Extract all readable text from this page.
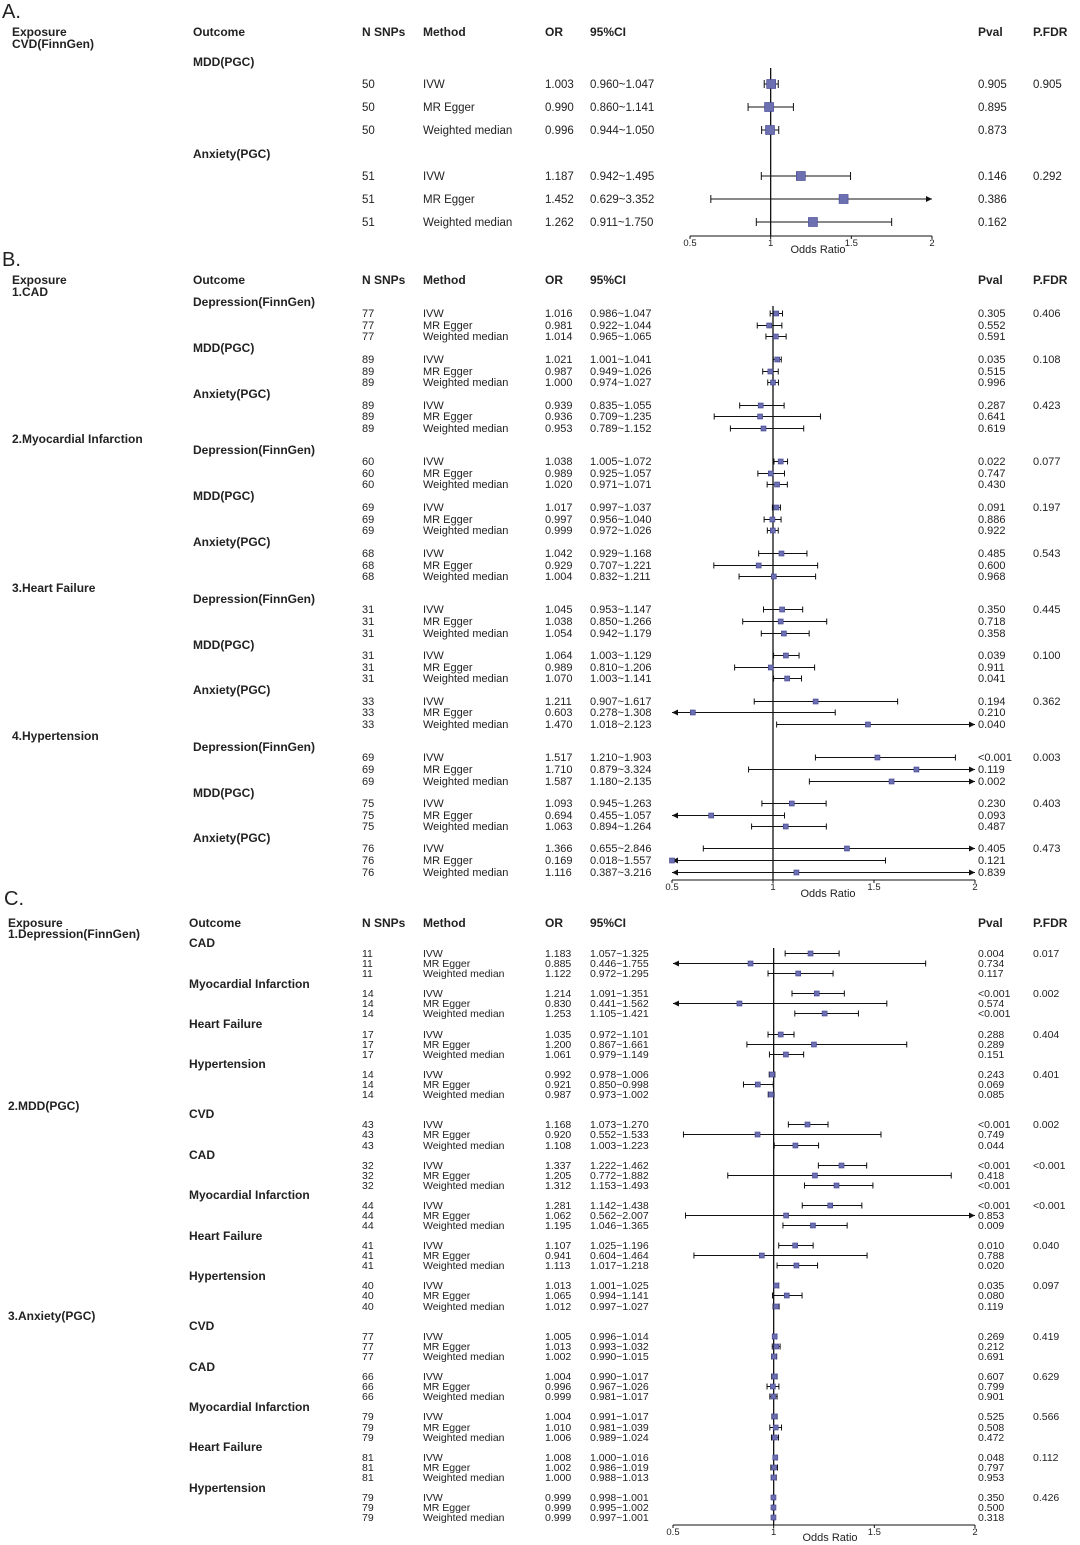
A.
Exposure	Outcome	N SNPs Method	OR 95%CI	Pval	P.FDR
CVD(FinnGen)
MDD(PGC)
50	IVW	1.003 0.960~1.047	0.905 0.905
50	MR Egger	0.990 0.860~1.141	0.895
50	Weighted median	0.996 0.944~1.050	0.873
Anxiety(PGC)
51	IVW	1.187 0.942~1.495	0.146 0.292
51	MR Egger	1.452 0.629~3.352	0.386
51	Weighted median	1.262 0.911~1.750	0.162
0.5	1	1.5	2
Odds Ratio
B.
Exposure	Outcome	N SNPs Method	OR 95%CI	Pval	P.FDR
1.CAD
Depression(FinnGen)
77	IVW	1.016 0.986~1.047	0.305 0.406
77	MR Egger	0.981 0.922~1.044	0.552
77	Weighted median	1.014 0.965~1.065	0.591
MDD(PGC)
89	IVW	1.021 1.001~1.041	0.035 0.108
89	MR Egger	0.987 0.949~1.026	0.515
89	Weighted median	1.000 0.974~1.027	0.996
Anxiety(PGC)
89	IVW	0.939 0.835~1.055	0.287 0.423
89	MR Egger	0.936 0.709~1.235	0.641
89	Weighted median	0.953 0.789~1.152	0.619
2.Myocardial Infarction
Depression(FinnGen)
60	IVW	1.038 1.005~1.072	0.022 0.077
60	MR Egger	0.989 0.925~1.057	0.747
60	Weighted median	1.020 0.971~1.071	0.430
MDD(PGC)
69	IVW	1.017 0.997~1.037	0.091 0.197
69	MR Egger	0.997 0.956~1.040	0.886
69	Weighted median	0.999 0.972~1.026	0.922
Anxiety(PGC)
68	IVW	1.042 0.929~1.168	0.485 0.543
68	MR Egger	0.929 0.707~1.221	0.600
68	Weighted median	1.004 0.832~1.211	0.968
3.Heart Failure
Depression(FinnGen)
31	IVW	1.045 0.953~1.147	0.350 0.445
31	MR Egger	1.038 0.850~1.266	0.718
31	Weighted median	1.054 0.942~1.179	0.358
MDD(PGC)
31	IVW	1.064 1.003~1.129	0.039 0.100
31	MR Egger	0.989 0.810~1.206	0.911
31	Weighted median	1.070 1.003~1.141	0.041
Anxiety(PGC)
33	IVW	1.211 0.907~1.617	0.194 0.362
33	MR Egger	0.603 0.278~1.308	0.210
33	Weighted median	1.470 1.018~2.123	0.040
4.Hypertension
Depression(FinnGen)
69	IVW	1.517 1.210~1.903	<0.001 0.003
69	MR Egger	1.710 0.879~3.324	0.119
69	Weighted median	1.587 1.180~2.135	0.002
MDD(PGC)
75	IVW	1.093 0.945~1.263	0.230 0.403
75	MR Egger	0.694 0.455~1.057	0.093
75	Weighted median	1.063 0.894~1.264	0.487
Anxiety(PGC)
76	IVW	1.366 0.655~2.846	0.405 0.473
76	MR Egger	0.169 0.018~1.557	0.121
76	Weighted median	1.116 0.387~3.216	0.839
0.5	1	1.5	2
Odds Ratio
C.
Exposure	Outcome	N SNPs Method	OR 95%CI	Pval	P.FDR
1.Depression(FinnGen)
CAD
11	IVW	1.183 1.057~1.325	0.004	0.017
11	MR Egger	0.885 0.446~1.755	0.734
11	Weighted median	1.122 0.972~1.295	0.117
Myocardial Infarction
14	IVW	1.214 1.091~1.351	<0.001 0.002
14	MR Egger	0.830 0.441~1.562	0.574
14	Weighted median	1.253 1.105~1.421	<0.001
Heart Failure
17	IVW	1.035 0.972~1.101	0.288	0.404
17	MR Egger	1.200 0.867~1.661	0.289
17	Weighted median	1.061 0.979~1.149	0.151
Hypertension
14	IVW	0.992 0.978~1.006	0.243	0.401
14	MR Egger	0.921 0.850~0.998	0.069
14	Weighted median	0.987 0.973~1.002	0.085
2.MDD(PGC)
CVD
43	IVW	1.168 1.073~1.270	<0.001 0.002
43	MR Egger	0.920 0.552~1.533	0.749
43	Weighted median	1.108 1.003~1.223	0.044
CAD
32	IVW	1.337 1.222~1.462	<0.001 <0.001
32	MR Egger	1.205 0.772~1.882	0.418
32	Weighted median	1.312 1.153~1.493	<0.001
Myocardial Infarction
44	IVW	1.281 1.142~1.438	<0.001 <0.001
44	MR Egger	1.062 0.562~2.007	0.853
44	Weighted median	1.195 1.046~1.365	0.009
Heart Failure
41	IVW	1.107 1.025~1.196	0.010	0.040
41	MR Egger	0.941 0.604~1.464	0.788
41	Weighted median	1.113 1.017~1.218	0.020
Hypertension
40	IVW	1.013 1.001~1.025	0.035	0.097
40	MR Egger	1.065 0.994~1.141	0.080
40	Weighted median	1.012 0.997~1.027	0.119
3.Anxiety(PGC)
CVD
77	IVW	1.005 0.996~1.014	0.269	0.419
77	MR Egger	1.013 0.993~1.032	0.212
77	Weighted median	1.002 0.990~1.015	0.691
CAD
66	IVW	1.004 0.990~1.017	0.607	0.629
66	MR Egger	0.996 0.967~1.026	0.799
66	Weighted median	0.999 0.981~1.017	0.901
Myocardial Infarction
79	IVW	1.004 0.991~1.017	0.525	0.566
79	MR Egger	1.010 0.981~1.039	0.508
79	Weighted median	1.006 0.989~1.024	0.472
Heart Failure
81	IVW	1.008 1.000~1.016	0.048	0.112
81	MR Egger	1.002 0.986~1.019	0.797
81	Weighted median	1.000 0.988~1.013	0.953
Hypertension
79	IVW	0.999 0.998~1.001	0.350	0.426
79	MR Egger	0.999 0.995~1.002	0.500
79	Weighted median	0.999 0.997~1.001	0.318
0.5	1	1.5	2
Odds Ratio
